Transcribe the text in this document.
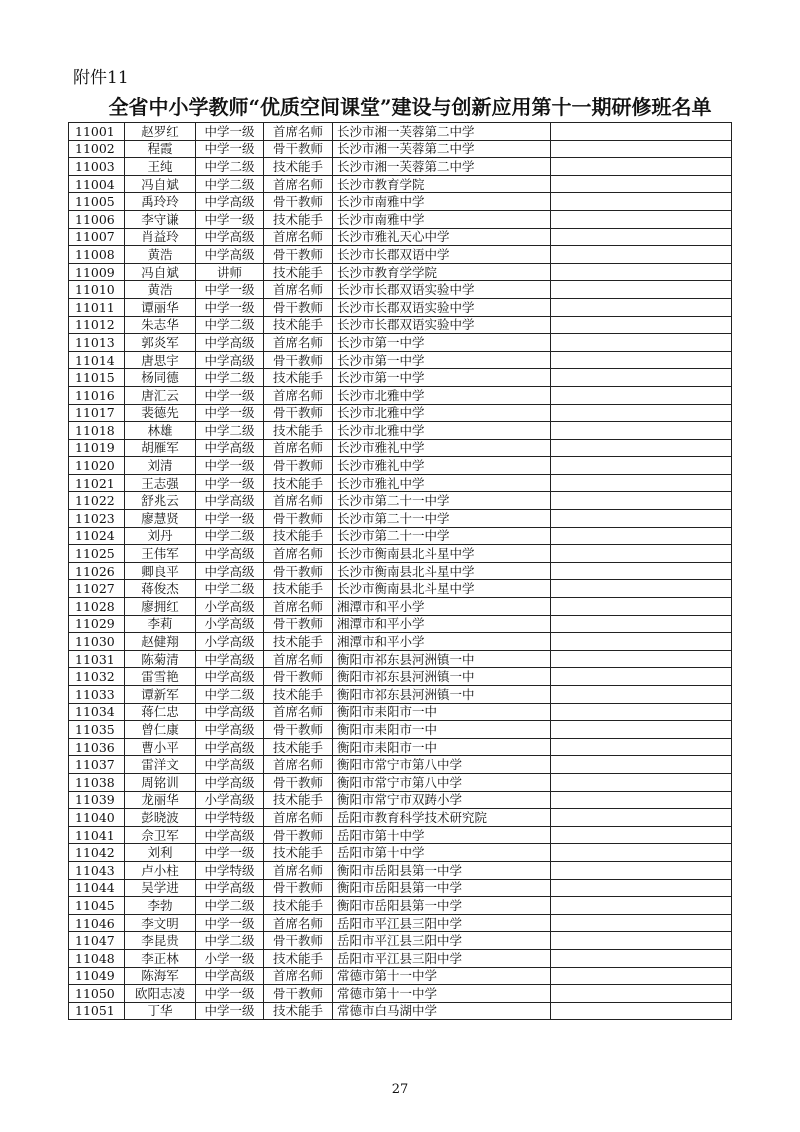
附件11
全省中小学教师“优质空间课堂”建设与创新应用第十一期研修班名单
11001	赵罗红	中学一级	首席名师	长沙市湘一芙蓉第二中学	
11002	程霞	中学一级	骨干教师	长沙市湘一芙蓉第二中学	
11003	王纯	中学二级	技术能手	长沙市湘一芙蓉第二中学	
11004	冯自斌	中学二级	首席名师	长沙市教育学院	
11005	禹玲玲	中学高级	骨干教师	长沙市南雅中学	
11006	李守谦	中学一级	技术能手	长沙市南雅中学	
11007	肖益玲	中学高级	首席名师	长沙市雅礼天心中学	
11008	黄浩	中学高级	骨干教师	长沙市长郡双语中学	
11009	冯自斌	讲师	技术能手	长沙市教育学学院	
11010	黄浩	中学一级	首席名师	长沙市长郡双语实验中学	
11011	谭丽华	中学一级	骨干教师	长沙市长郡双语实验中学	
11012	朱志华	中学二级	技术能手	长沙市长郡双语实验中学	
11013	郭炎军	中学高级	首席名师	长沙市第一中学	
11014	唐思宇	中学高级	骨干教师	长沙市第一中学	
11015	杨同德	中学二级	技术能手	长沙市第一中学	
11016	唐汇云	中学一级	首席名师	长沙市北雅中学	
11017	裴德先	中学一级	骨干教师	长沙市北雅中学	
11018	林雄	中学二级	技术能手	长沙市北雅中学	
11019	胡雁军	中学高级	首席名师	长沙市雅礼中学	
11020	刘清	中学一级	骨干教师	长沙市雅礼中学	
11021	王志强	中学一级	技术能手	长沙市雅礼中学	
11022	舒兆云	中学高级	首席名师	长沙市第二十一中学	
11023	廖慧贤	中学一级	骨干教师	长沙市第二十一中学	
11024	刘丹	中学二级	技术能手	长沙市第二十一中学	
11025	王伟军	中学高级	首席名师	长沙市衡南县北斗星中学	
11026	卿良平	中学高级	骨干教师	长沙市衡南县北斗星中学	
11027	蒋俊杰	中学二级	技术能手	长沙市衡南县北斗星中学	
11028	廖拥红	小学高级	首席名师	湘潭市和平小学	
11029	李莉	小学高级	骨干教师	湘潭市和平小学	
11030	赵健翔	小学高级	技术能手	湘潭市和平小学	
11031	陈菊清	中学高级	首席名师	衡阳市祁东县河洲镇一中	
11032	雷雪艳	中学高级	骨干教师	衡阳市祁东县河洲镇一中	
11033	谭新军	中学二级	技术能手	衡阳市祁东县河洲镇一中	
11034	蒋仁忠	中学高级	首席名师	衡阳市耒阳市一中	
11035	曾仁康	中学高级	骨干教师	衡阳市耒阳市一中	
11036	曹小平	中学高级	技术能手	衡阳市耒阳市一中	
11037	雷洋文	中学高级	首席名师	衡阳市常宁市第八中学	
11038	周铭训	中学高级	骨干教师	衡阳市常宁市第八中学	
11039	龙丽华	小学高级	技术能手	衡阳市常宁市双踌小学	
11040	彭晓波	中学特级	首席名师	岳阳市教育科学技术研究院	
11041	佘卫军	中学高级	骨干教师	岳阳市第十中学	
11042	刘利	中学一级	技术能手	岳阳市第十中学	
11043	卢小柱	中学特级	首席名师	衡阳市岳阳县第一中学	
11044	吴学进	中学高级	骨干教师	衡阳市岳阳县第一中学	
11045	李勃	中学二级	技术能手	衡阳市岳阳县第一中学	
11046	李文明	中学一级	首席名师	岳阳市平江县三阳中学	
11047	李昆贵	中学二级	骨干教师	岳阳市平江县三阳中学	
11048	李正林	小学一级	技术能手	岳阳市平江县三阳中学	
11049	陈海军	中学高级	首席名师	常德市第十一中学	
11050	欧阳志凌	中学一级	骨干教师	常德市第十一中学	
11051	丁华	中学一级	技术能手	常德市白马湖中学	
27
